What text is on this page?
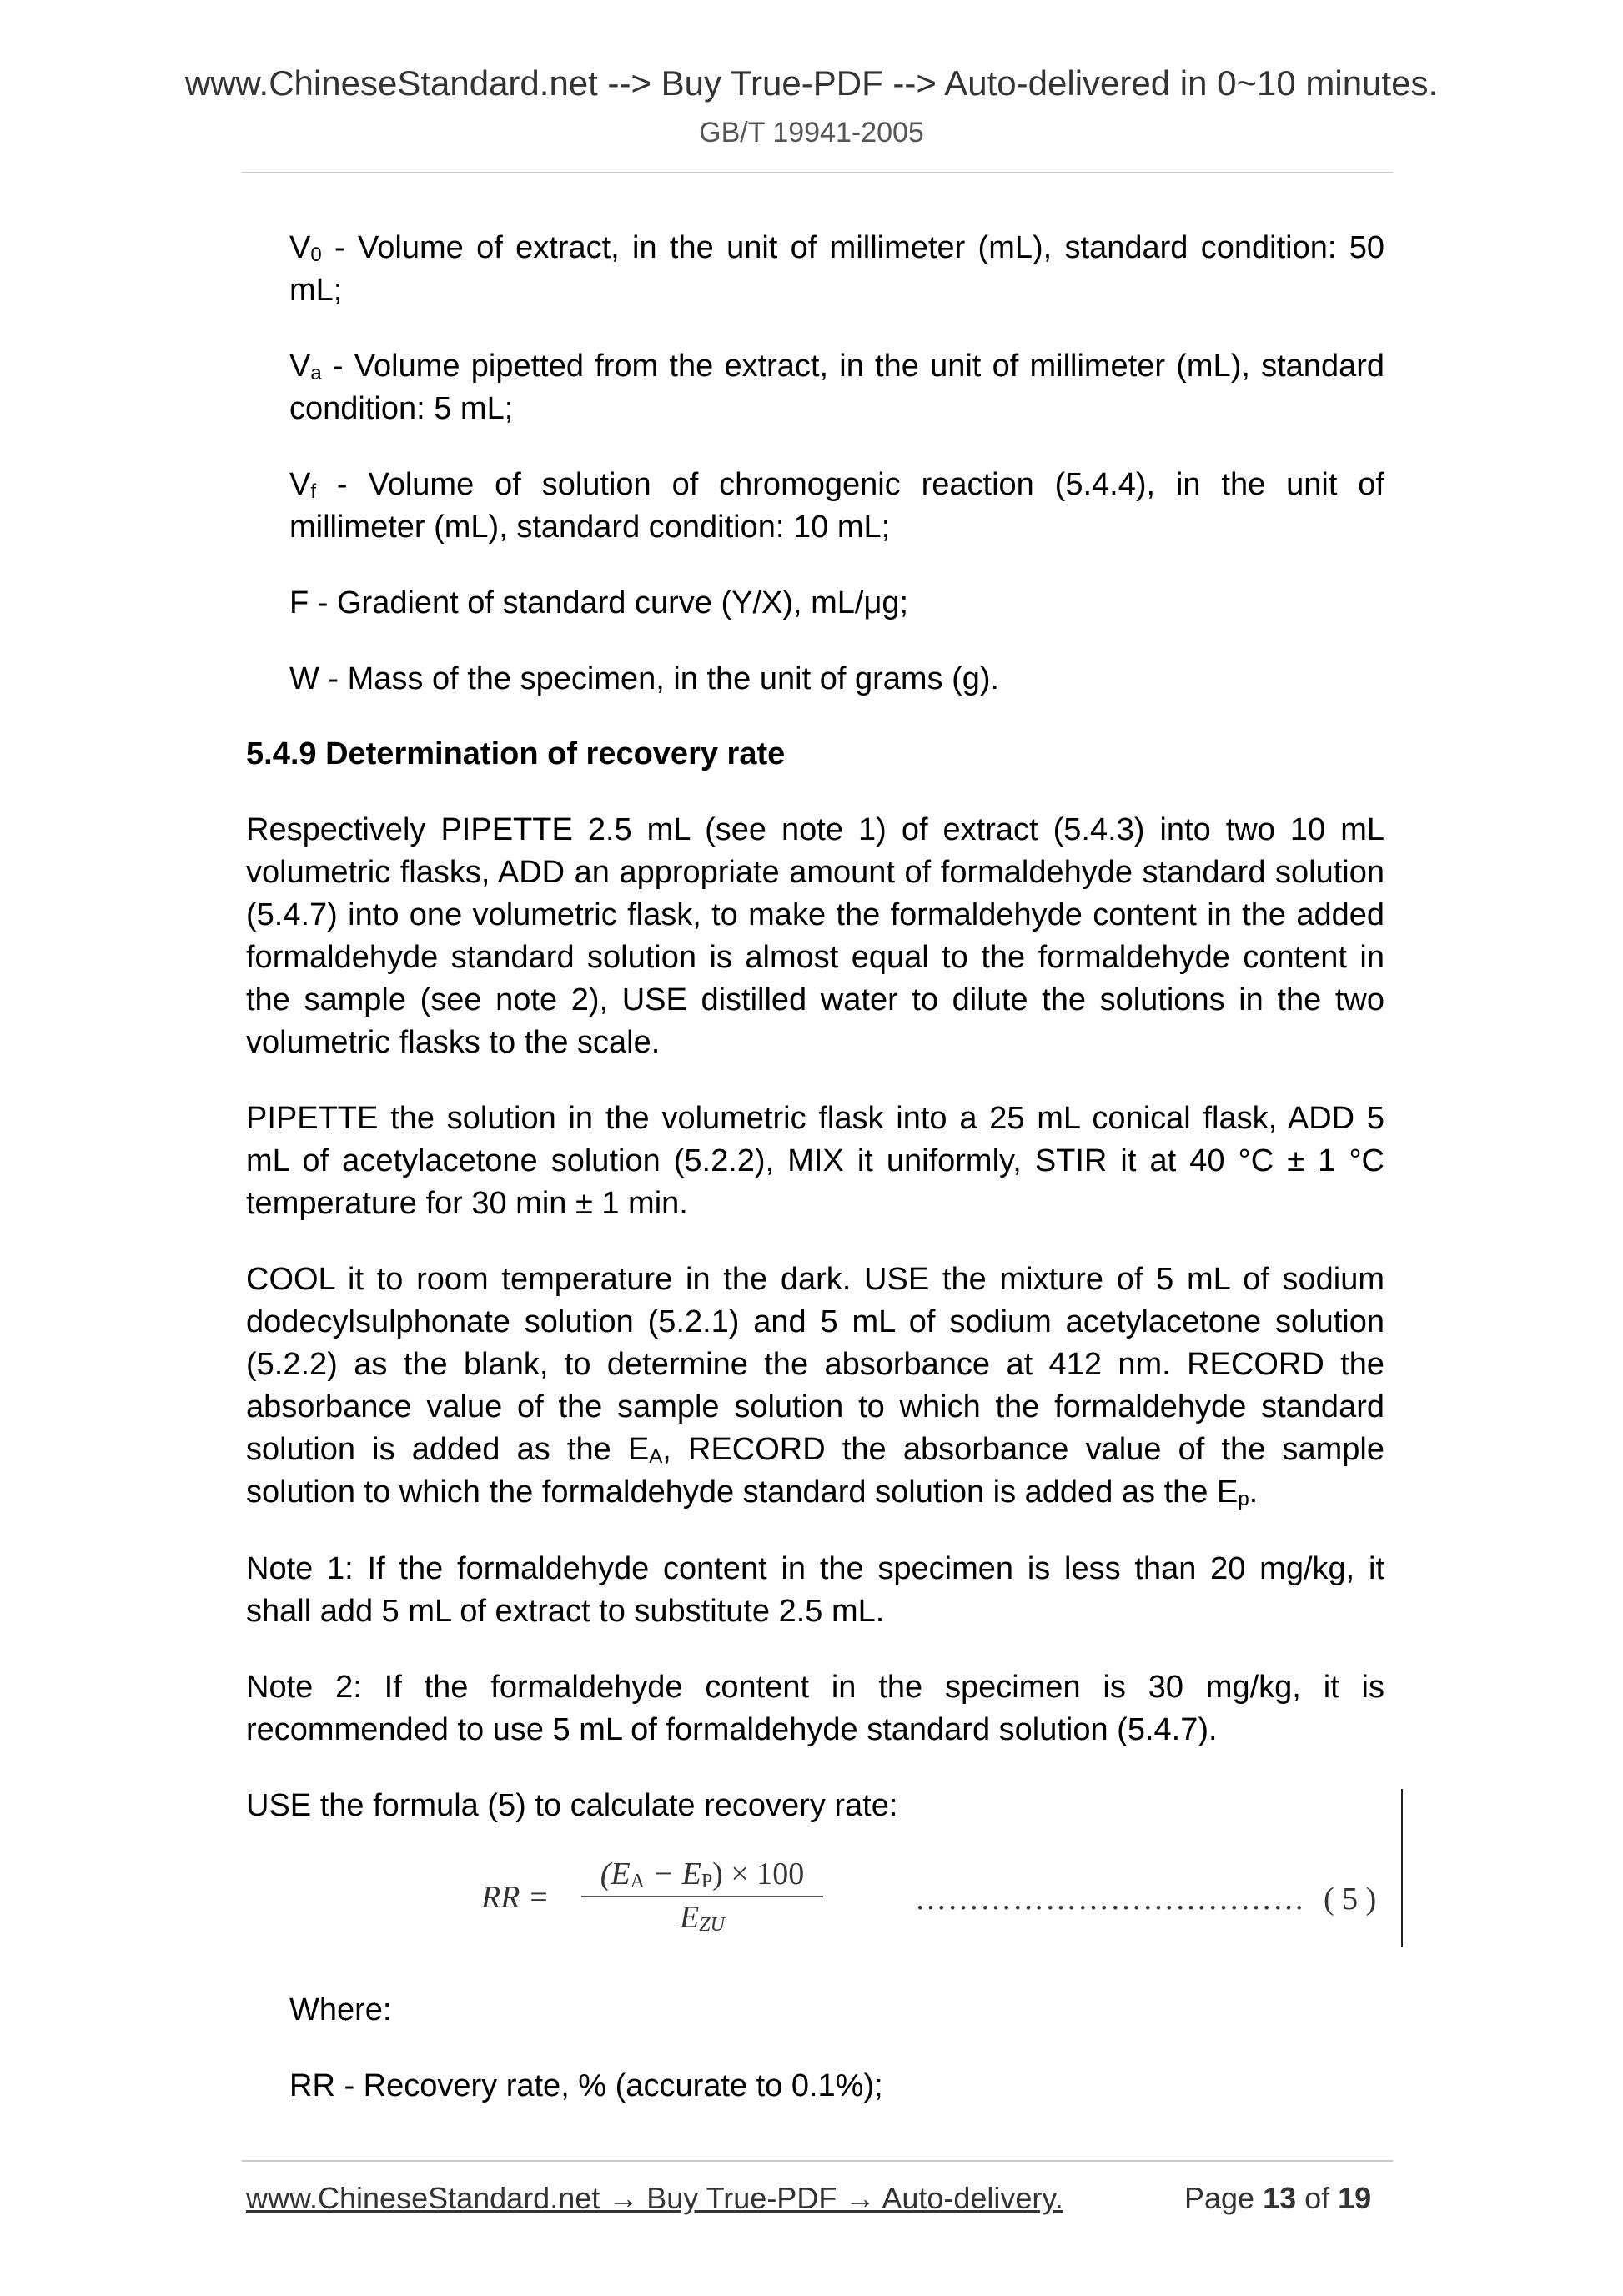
www.ChineseStandard.net --> Buy True-PDF --> Auto-delivered in 0~10 minutes.
GB/T 19941-2005

$V_0$ - Volume of extract, in the unit of millimeter (mL), standard condition: 50 mL;

$V_a$ - Volume pipetted from the extract, in the unit of millimeter (mL), standard condition: 5 mL;

$V_f$ - Volume of solution of chromogenic reaction (5.4.4), in the unit of millimeter (mL), standard condition: 10 mL;

F - Gradient of standard curve (Y/X), mL/μg;

W - Mass of the specimen, in the unit of grams (g).

5.4.9 Determination of recovery rate

Respectively PIPETTE 2.5 mL (see note 1) of extract (5.4.3) into two 10 mL volumetric flasks, ADD an appropriate amount of formaldehyde standard solution (5.4.7) into one volumetric flask, to make the formaldehyde content in the added formaldehyde standard solution is almost equal to the formaldehyde content in the sample (see note 2), USE distilled water to dilute the solutions in the two volumetric flasks to the scale.

PIPETTE the solution in the volumetric flask into a 25 mL conical flask, ADD 5 mL of acetylacetone solution (5.2.2), MIX it uniformly, STIR it at 40 °C ± 1 °C temperature for 30 min ± 1 min.

COOL it to room temperature in the dark. USE the mixture of 5 mL of sodium dodecylsulphonate solution (5.2.1) and 5 mL of sodium acetylacetone solution (5.2.2) as the blank, to determine the absorbance at 412 nm. RECORD the absorbance value of the sample solution to which the formaldehyde standard solution is added as the $E_A$, RECORD the absorbance value of the sample solution to which the formaldehyde standard solution is added as the $E_p$.

Note 1: If the formaldehyde content in the specimen is less than 20 mg/kg, it shall add 5 mL of extract to substitute 2.5 mL.

Note 2: If the formaldehyde content in the specimen is 30 mg/kg, it is recommended to use 5 mL of formaldehyde standard solution (5.4.7).

USE the formula (5) to calculate recovery rate:

RR =
$(E_A - E_P) \times 100$
$E_{ZU}$
……………………………… ( 5 )

Where:

RR - Recovery rate, % (accurate to 0.1%);

www.ChineseStandard.net → Buy True-PDF → Auto-delivery.	Page 13 of 19
